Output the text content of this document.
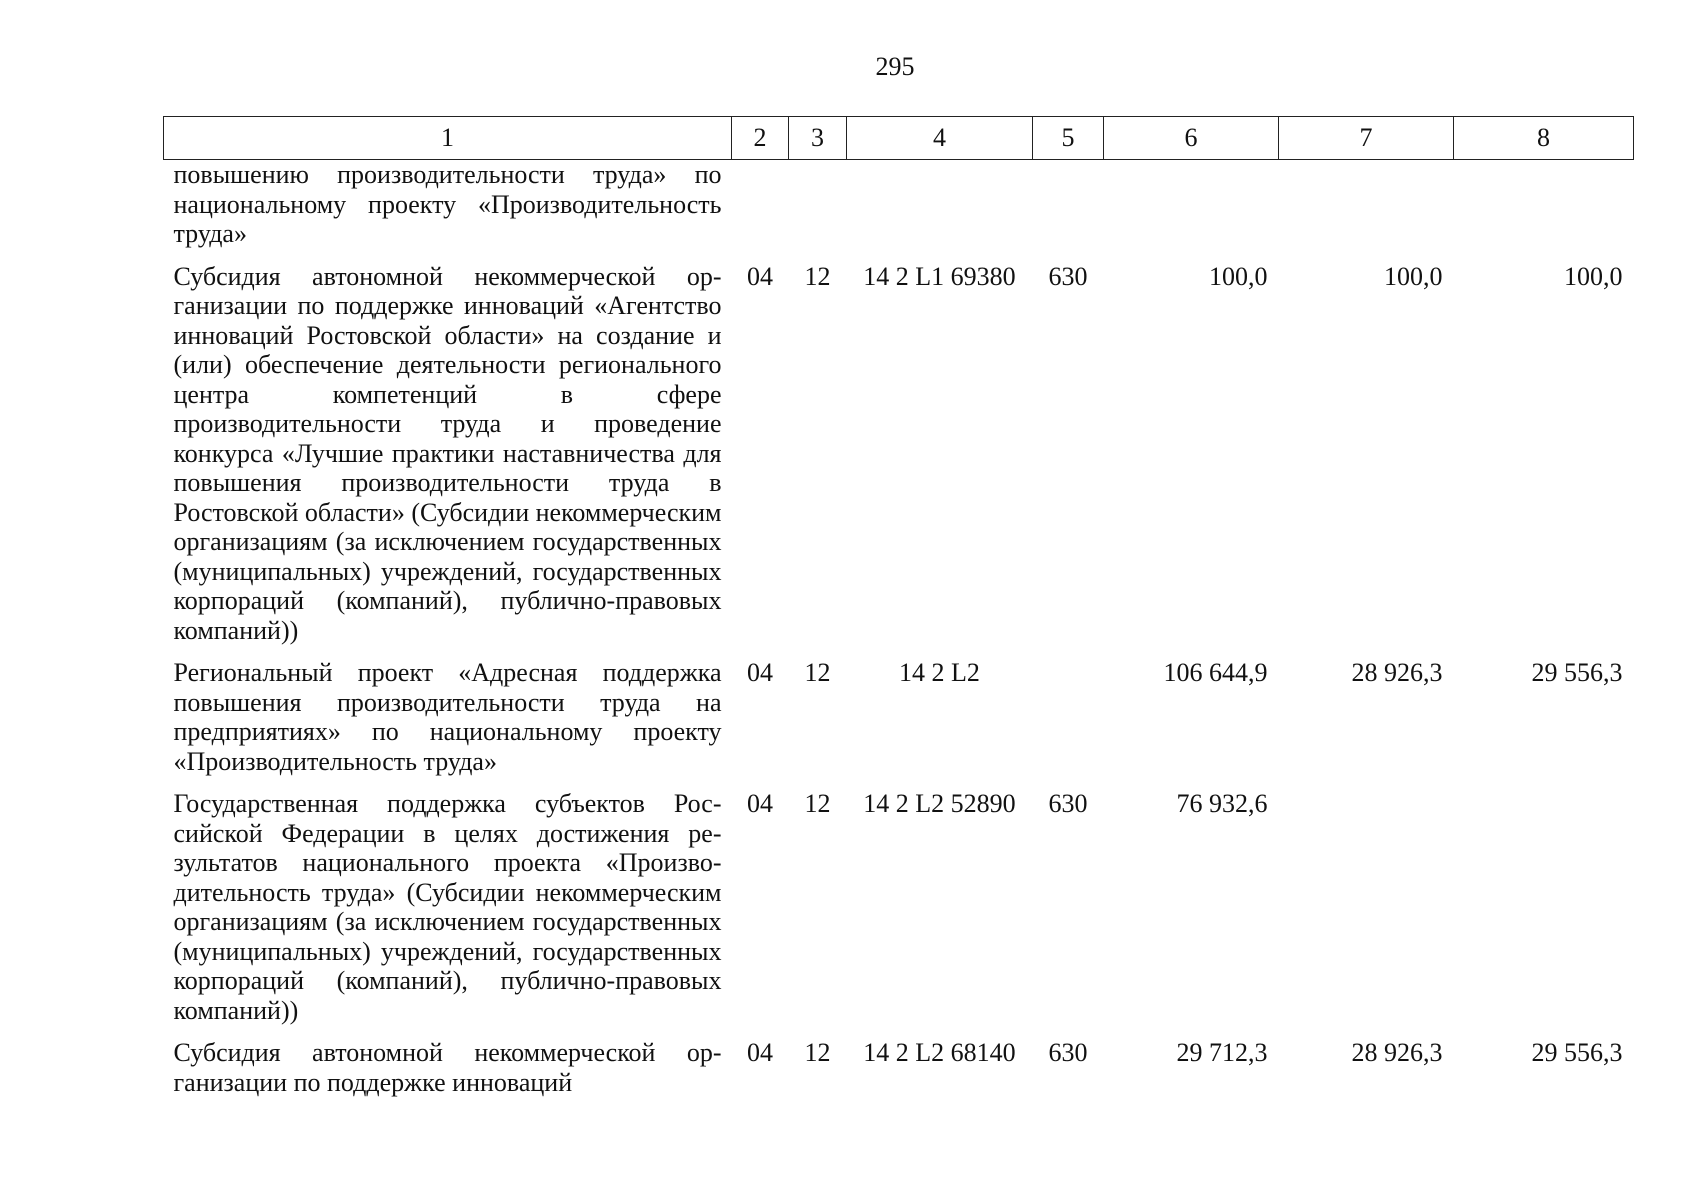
295
1	2	3	4	5	6	7	8
повышению производительности труда» по национальному проекту «Производительность труда»							
Субсидия автономной некоммерческой организации по поддержке инноваций «Агентство инноваций Ростовской области» на создание и (или) обеспечение деятельности регионального центра компетенций в сфере производительности труда и проведение конкурса «Лучшие практики наставничества для повышения производительности труда в Ростовской области» (Субсидии некоммерческим организациям (за исключением государственных (муниципальных) учреждений, государственных корпораций (компаний), публично-правовых компаний))	04	12	14 2 L1 69380	630	100,0	100,0	100,0
Региональный проект «Адресная поддержка повышения производительности труда на предприятиях» по национальному проекту «Производительность труда»	04	12	14 2 L2		106 644,9	28 926,3	29 556,3
Государственная поддержка субъектов Российской Федерации в целях достижения результатов национального проекта «Производительность труда» (Субсидии некоммерческим организациям (за исключением государственных (муниципальных) учреждений, государственных корпораций (компаний), публично-правовых компаний))	04	12	14 2 L2 52890	630	76 932,6		
Субсидия автономной некоммерческой организации по поддержке инноваций	04	12	14 2 L2 68140	630	29 712,3	28 926,3	29 556,3
